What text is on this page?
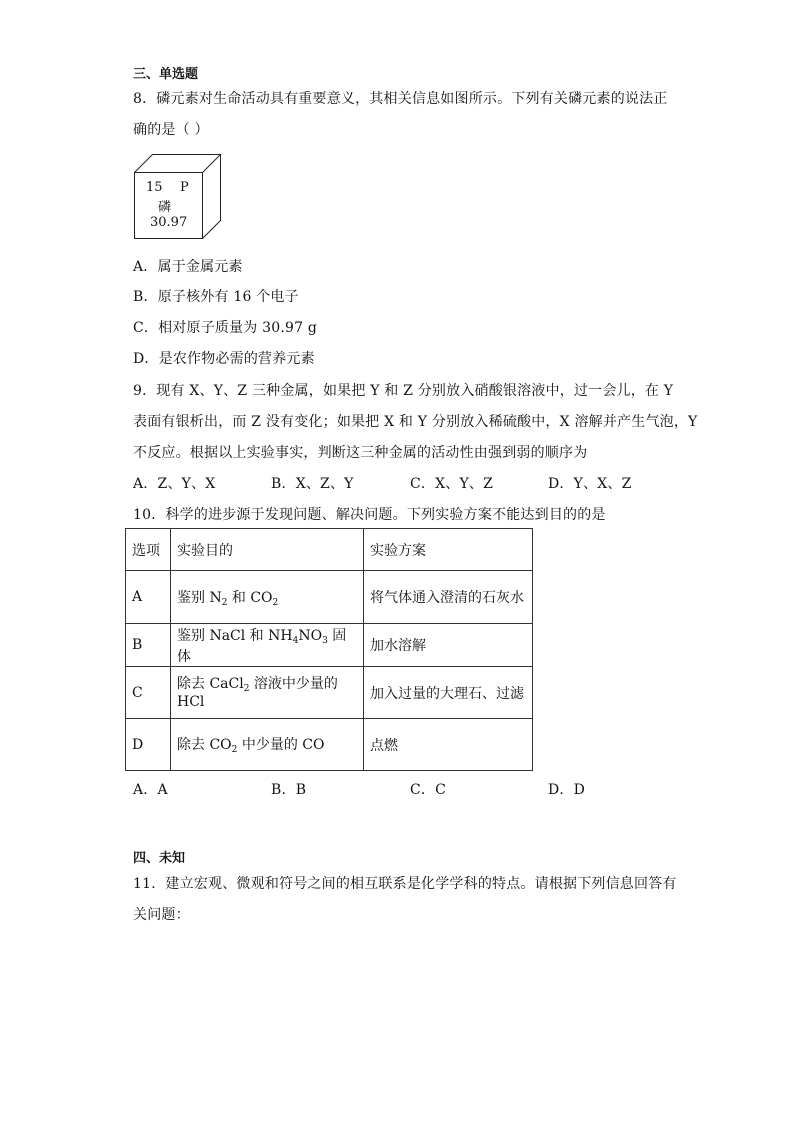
三、单选题
8．磷元素对生命活动具有重要意义，其相关信息如图所示。下列有关磷元素的说法正
确的是（ ）
15 P
磷
30.97
A．属于金属元素
B．原子核外有 16 个电子
C．相对原子质量为 30.97 g
D．是农作物必需的营养元素
9．现有 X、Y、Z 三种金属，如果把 Y 和 Z 分别放入硝酸银溶液中，过一会儿，在 Y
表面有银析出，而 Z 没有变化；如果把 X 和 Y 分别放入稀硫酸中，X 溶解并产生气泡，Y
不反应。根据以上实验事实，判断这三种金属的活动性由强到弱的顺序为
A．Z、Y、X	B．X、Z、Y	C．X、Y、Z	D．Y、X、Z
10．科学的进步源于发现问题、解决问题。下列实验方案不能达到目的的是
选项	实验目的	实验方案
A	鉴别 $N_2$ 和 $CO_2$	将气体通入澄清的石灰水
B	鉴别 NaCl 和 $NH_4NO_3$ 固体	加水溶解
C	除去 CaCl$_2$ 溶液中少量的 HCl	加入过量的大理石、过滤
D	除去 $CO_2$ 中少量的 CO	点燃
A．A	B．B	C．C	D．D
四、未知
11．建立宏观、微观和符号之间的相互联系是化学学科的特点。请根据下列信息回答有
关问题：
